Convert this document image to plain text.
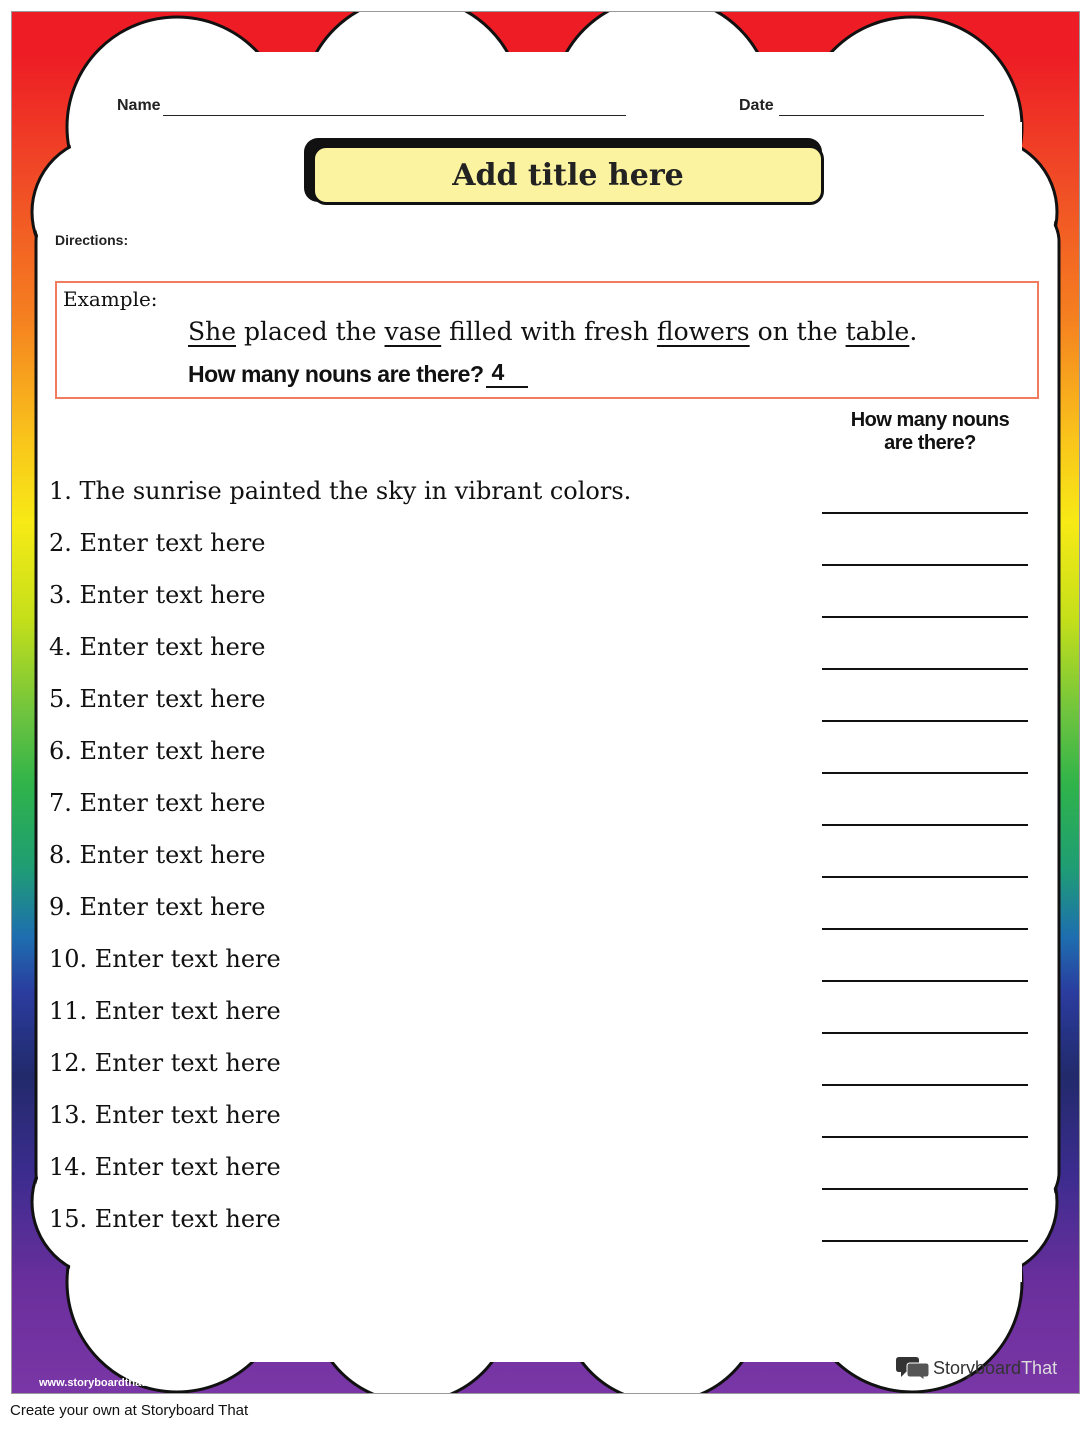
www.storyboardthat.com
Name	Date
Add title here
Directions:
Example:
She placed the vase filled with fresh flowers on the table.
How many nouns are there? 4
How many nouns
are there?
1. The sunrise painted the sky in vibrant colors.
2. Enter text here
3. Enter text here
4. Enter text here
5. Enter text here
6. Enter text here
7. Enter text here
8. Enter text here
9. Enter text here
10. Enter text here
11. Enter text here
12. Enter text here
13. Enter text here
14. Enter text here
15. Enter text here
StoryboardThat
Create your own at Storyboard That
